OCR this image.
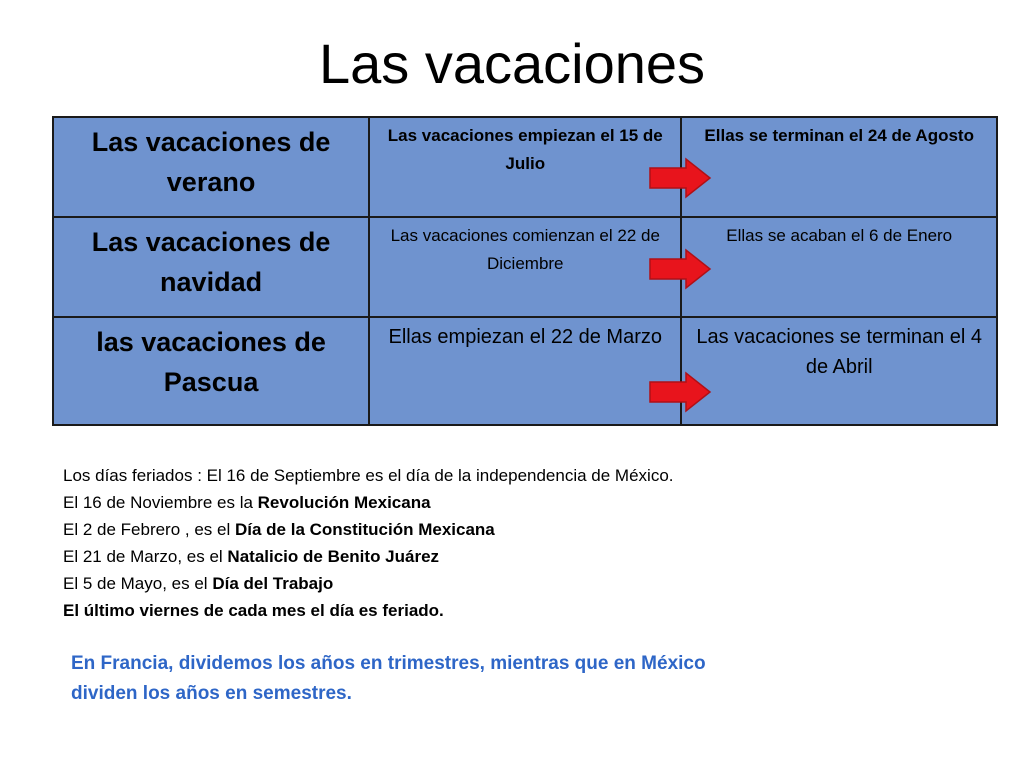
Las vacaciones
Las vacaciones de verano	Las vacaciones empiezan el 15 de Julio	Ellas se terminan el 24 de Agosto
Las vacaciones de navidad	Las vacaciones comienzan el 22 de Diciembre	Ellas se acaban el 6 de Enero
las vacaciones de Pascua	Ellas empiezan el 22 de Marzo	Las vacaciones se terminan el 4 de Abril
Los días feriados : El 16 de Septiembre es el día de la independencia de México.
El 16 de Noviembre es la Revolución Mexicana
El 2 de Febrero , es el Día de la Constitución Mexicana
El 21 de Marzo, es el Natalicio de Benito Juárez
El 5 de Mayo, es el Día del Trabajo
El último viernes de cada mes el día es feriado.
En Francia, dividemos los años en trimestres, mientras que en México
dividen los años en semestres.
